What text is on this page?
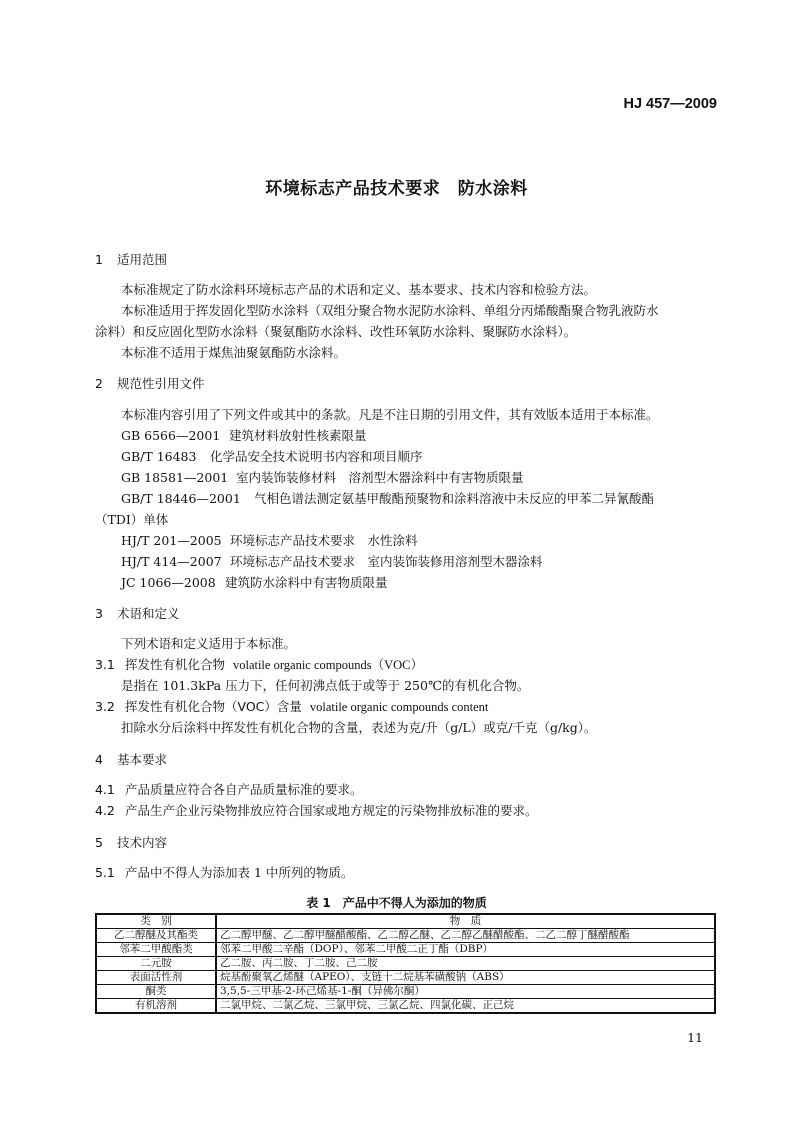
HJ 457—2009
环境标志产品技术要求　防水涂料
1 适用范围
本标准规定了防水涂料环境标志产品的术语和定义、基本要求、技术内容和检验方法。
本标准适用于挥发固化型防水涂料（双组分聚合物水泥防水涂料、单组分丙烯酸酯聚合物乳液防水
涂料）和反应固化型防水涂料（聚氨酯防水涂料、改性环氧防水涂料、聚脲防水涂料）。
本标准不适用于煤焦油聚氨酯防水涂料。
2 规范性引用文件
本标准内容引用了下列文件或其中的条款。凡是不注日期的引用文件，其有效版本适用于本标准。
GB 6566—2001 建筑材料放射性核素限量
GB/T 16483 化学品安全技术说明书内容和项目顺序
GB 18581—2001 室内装饰装修材料　溶剂型木器涂料中有害物质限量
GB/T 18446—2001 气相色谱法测定氨基甲酸酯预聚物和涂料溶液中未反应的甲苯二异氰酸酯
（TDI）单体
HJ/T 201—2005 环境标志产品技术要求　水性涂料
HJ/T 414—2007 环境标志产品技术要求　室内装饰装修用溶剂型木器涂料
JC 1066—2008 建筑防水涂料中有害物质限量
3 术语和定义
下列术语和定义适用于本标准。
3.1 挥发性有机化合物 volatile organic compounds（VOC）
是指在 101.3kPa 压力下，任何初沸点低于或等于 250℃的有机化合物。
3.2 挥发性有机化合物（VOC）含量 volatile organic compounds content
扣除水分后涂料中挥发性有机化合物的含量，表述为克/升（g/L）或克/千克（g/kg）。
4 基本要求
4.1 产品质量应符合各自产品质量标准的要求。
4.2 产品生产企业污染物排放应符合国家或地方规定的污染物排放标准的要求。
5 技术内容
5.1 产品中不得人为添加表 1 中所列的物质。
表 1　产品中不得人为添加的物质
类　别	物　质
乙二醇醚及其酯类	乙二醇甲醚、乙二醇甲醚醋酸酯、乙二醇乙醚、乙二醇乙醚醋酸酯、二乙二醇丁醚醋酸酯
邻苯二甲酸酯类	邻苯二甲酸二辛酯（DOP）、邻苯二甲酸二正丁酯（DBP）
二元胺	乙二胺、丙二胺、丁二胺、己二胺
表面活性剂	烷基酚聚氧乙烯醚（APEO）、支链十二烷基苯磺酸钠（ABS）
酮类	3,5,5-三甲基-2-环己烯基-1-酮（异佛尔酮）
有机溶剂	二氯甲烷、二氯乙烷、三氯甲烷、三氯乙烷、四氯化碳、正己烷
11
